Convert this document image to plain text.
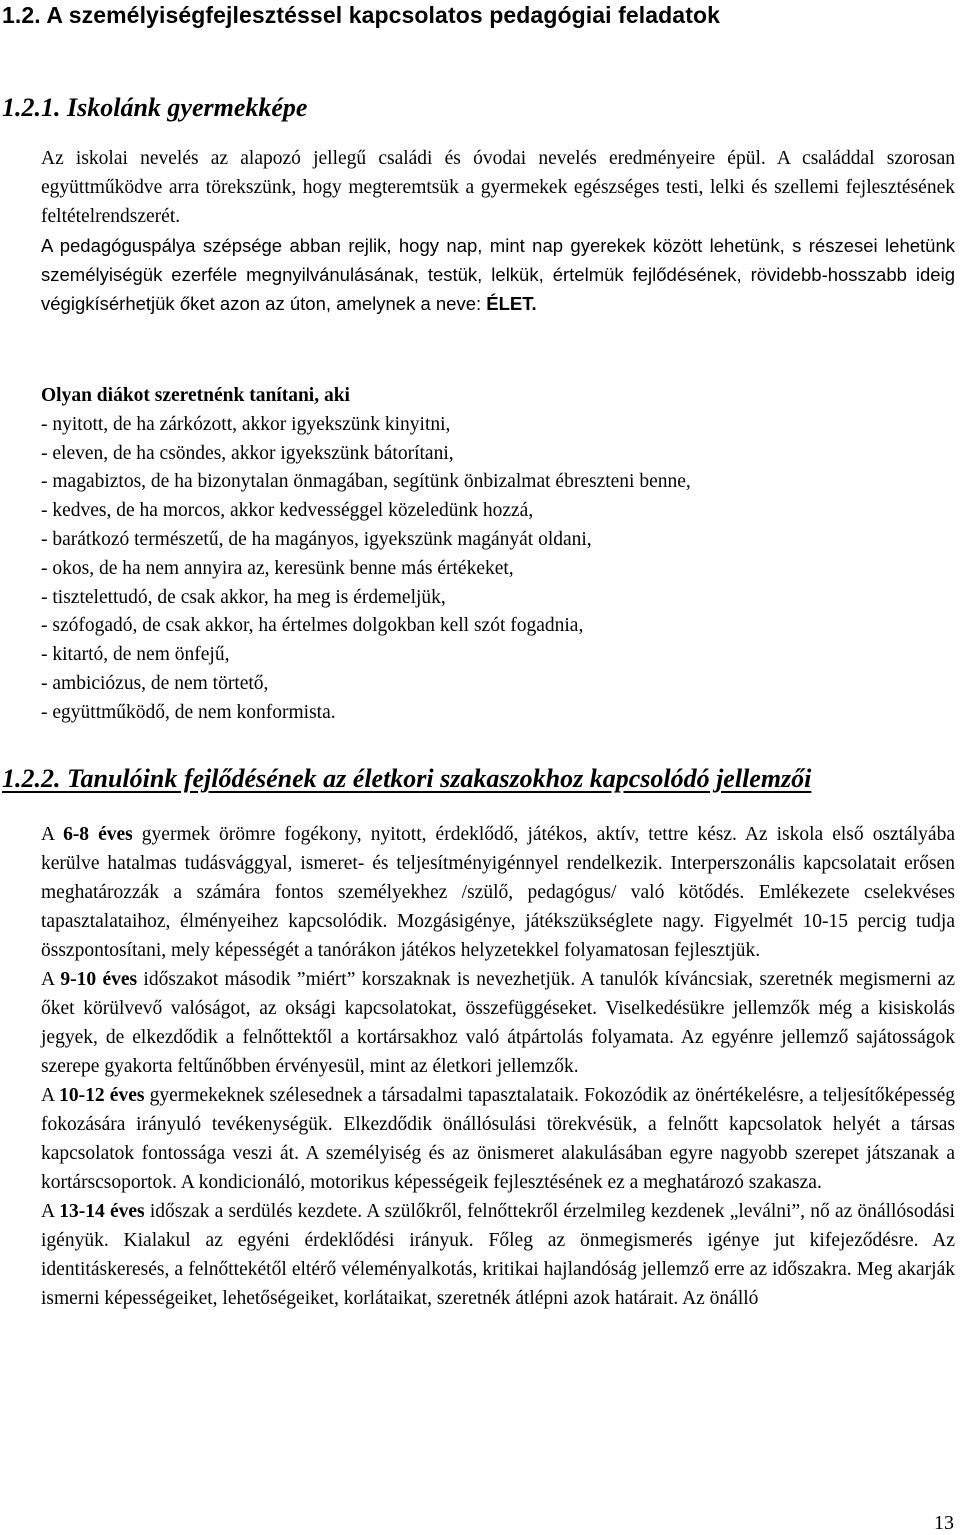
1.2. A személyiségfejlesztéssel kapcsolatos pedagógiai feladatok
1.2.1. Iskolánk gyermekképe

Az iskolai nevelés az alapozó jellegű családi és óvodai nevelés eredményeire épül. A családdal szorosan együttműködve arra törekszünk, hogy megteremtsük a gyermekek egészséges testi, lelki és szellemi fejlesztésének feltételrendszerét.

A pedagóguspálya szépsége abban rejlik, hogy nap, mint nap gyerekek között lehetünk, s részesei lehetünk személyiségük ezerféle megnyilvánulásának, testük, lelkük, értelmük fejlődésének, rövidebb-hosszabb ideig végigkísérhetjük őket azon az úton, amelynek a neve: ÉLET.

Olyan diákot szeretnénk tanítani, aki

- nyitott, de ha zárkózott, akkor igyekszünk kinyitni,

- eleven, de ha csöndes, akkor igyekszünk bátorítani,

- magabiztos, de ha bizonytalan önmagában, segítünk önbizalmat ébreszteni benne,

- kedves, de ha morcos, akkor kedvességgel közeledünk hozzá,

- barátkozó természetű, de ha magányos, igyekszünk magányát oldani,

- okos, de ha nem annyira az, keresünk benne más értékeket,

- tisztelettudó, de csak akkor, ha meg is érdemeljük,

- szófogadó, de csak akkor, ha értelmes dolgokban kell szót fogadnia,

- kitartó, de nem önfejű,

- ambiciózus, de nem törtető,

- együttműködő, de nem konformista.

1.2.2. Tanulóink fejlődésének az életkori szakaszokhoz kapcsolódó jellemzői

A 6-8 éves gyermek örömre fogékony, nyitott, érdeklődő, játékos, aktív, tettre kész. Az iskola első osztályába kerülve hatalmas tudásvággyal, ismeret- és teljesítményigénnyel rendelkezik. Interperszonális kapcsolatait erősen meghatározzák a számára fontos személyekhez /szülő, pedagógus/ való kötődés. Emlékezete cselekvéses tapasztalataihoz, élményeihez kapcsolódik. Mozgásigénye, játékszükséglete nagy. Figyelmét 10-15 percig tudja összpontosítani, mely képességét a tanórákon játékos helyzetekkel folyamatosan fejlesztjük.

A 9-10 éves időszakot második ”miért” korszaknak is nevezhetjük. A tanulók kíváncsiak, szeretnék megismerni az őket körülvevő valóságot, az oksági kapcsolatokat, összefüggéseket. Viselkedésükre jellemzők még a kisiskolás jegyek, de elkezdődik a felnőttektől a kortársakhoz való átpártolás folyamata. Az egyénre jellemző sajátosságok szerepe gyakorta feltűnőbben érvényesül, mint az életkori jellemzők.

A 10-12 éves gyermekeknek szélesednek a társadalmi tapasztalataik. Fokozódik az önértékelésre, a teljesítőképesség fokozására irányuló tevékenységük. Elkezdődik önállósulási törekvésük, a felnőtt kapcsolatok helyét a társas kapcsolatok fontossága veszi át. A személyiség és az önismeret alakulásában egyre nagyobb szerepet játszanak a kortárscsoportok. A kondicionáló, motorikus képességeik fejlesztésének ez a meghatározó szakasza.

A 13-14 éves időszak a serdülés kezdete. A szülőkről, felnőttekről érzelmileg kezdenek „leválni”, nő az önállósodási igényük. Kialakul az egyéni érdeklődési irányuk. Főleg az önmegismerés igénye jut kifejeződésre. Az identitáskeresés, a felnőttekétől eltérő véleményalkotás, kritikai hajlandóság jellemző erre az időszakra. Meg akarják ismerni képességeiket, lehetőségeiket, korlátaikat, szeretnék átlépni azok határait. Az önálló

13
